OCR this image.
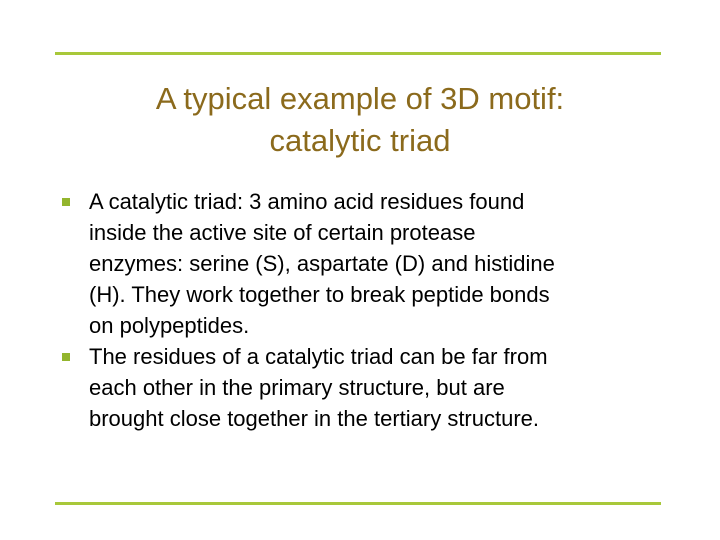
A typical example of 3D motif:
catalytic triad
A catalytic triad: 3 amino acid residues found
inside the active site of certain protease
enzymes: serine (S), aspartate (D) and histidine
(H). They work together to break peptide bonds
on polypeptides.
The residues of a catalytic triad can be far from
each other in the primary structure, but are
brought close together in the tertiary structure.
